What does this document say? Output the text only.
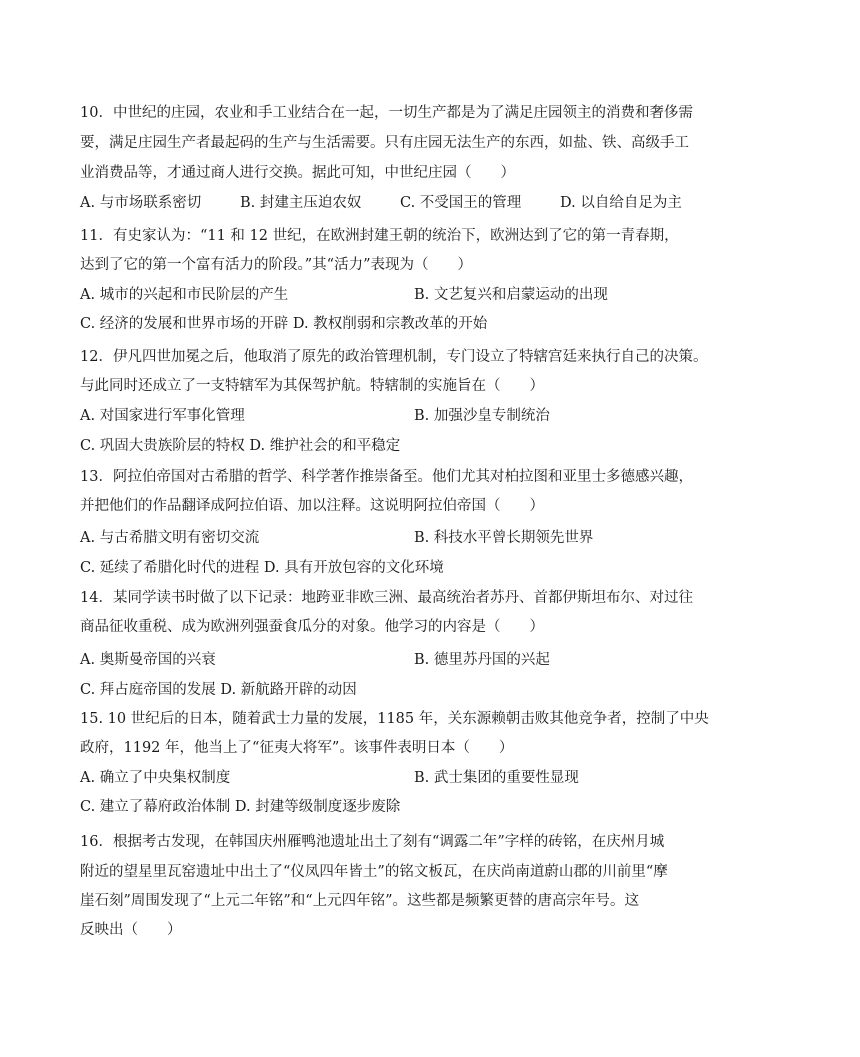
10．中世纪的庄园，农业和手工业结合在一起，一切生产都是为了满足庄园领主的消费和奢侈需
要，满足庄园生产者最起码的生产与生活需要。只有庄园无法生产的东西，如盐、铁、高级手工
业消费品等，才通过商人进行交换。据此可知，中世纪庄园（　　）
A. 与市场联系密切	B. 封建主压迫农奴	C. 不受国王的管理	D. 以自给自足为主
11．有史家认为：“11 和 12 世纪，在欧洲封建王朝的统治下，欧洲达到了它的第一青春期，
达到了它的第一个富有活力的阶段。”其“活力”表现为（　　）
A. 城市的兴起和市民阶层的产生	B. 文艺复兴和启蒙运动的出现
C. 经济的发展和世界市场的开辟 D. 教权削弱和宗教改革的开始
12．伊凡四世加冕之后，他取消了原先的政治管理机制，专门设立了特辖宫廷来执行自己的决策。
与此同时还成立了一支特辖军为其保驾护航。特辖制的实施旨在（　　）
A. 对国家进行军事化管理	B. 加强沙皇专制统治
C. 巩固大贵族阶层的特权 D. 维护社会的和平稳定
13．阿拉伯帝国对古希腊的哲学、科学著作推崇备至。他们尤其对柏拉图和亚里士多德感兴趣，
并把他们的作品翻译成阿拉伯语、加以注释。这说明阿拉伯帝国（　　）
A. 与古希腊文明有密切交流	B. 科技水平曾长期领先世界
C. 延续了希腊化时代的进程 D. 具有开放包容的文化环境
14．某同学读书时做了以下记录：地跨亚非欧三洲、最高统治者苏丹、首都伊斯坦布尔、对过往
商品征收重税、成为欧洲列强蚕食瓜分的对象。他学习的内容是（　　）
A. 奥斯曼帝国的兴衰	B. 德里苏丹国的兴起
C. 拜占庭帝国的发展 D. 新航路开辟的动因
15. 10 世纪后的日本，随着武士力量的发展，1185 年，关东源赖朝击败其他竞争者，控制了中央
政府，1192 年，他当上了“征夷大将军”。该事件表明日本（　　）
A. 确立了中央集权制度	B. 武士集团的重要性显现
C. 建立了幕府政治体制 D. 封建等级制度逐步废除
16．根据考古发现，在韩国庆州雁鸭池遗址出土了刻有“调露二年”字样的砖铭，在庆州月城
附近的望星里瓦窑遗址中出土了“仪凤四年皆土”的铭文板瓦，在庆尚南道蔚山郡的川前里“摩
崖石刻”周围发现了“上元二年铭”和“上元四年铭”。这些都是频繁更替的唐高宗年号。这
反映出（　　）
